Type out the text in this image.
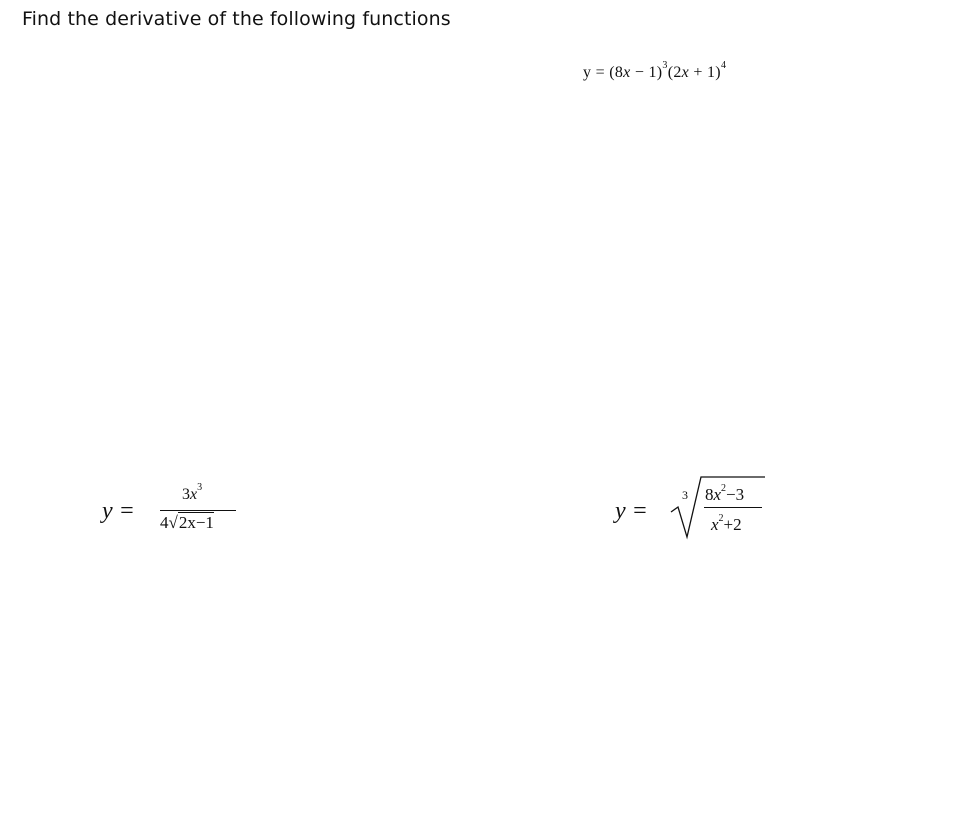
Find the derivative of the following functions
$y = (8x - 1)^3(2x + 1)^4$
y =
$3x^3$
4√2x−1	y =
3 $8x^2-3$
$x^2+2$
